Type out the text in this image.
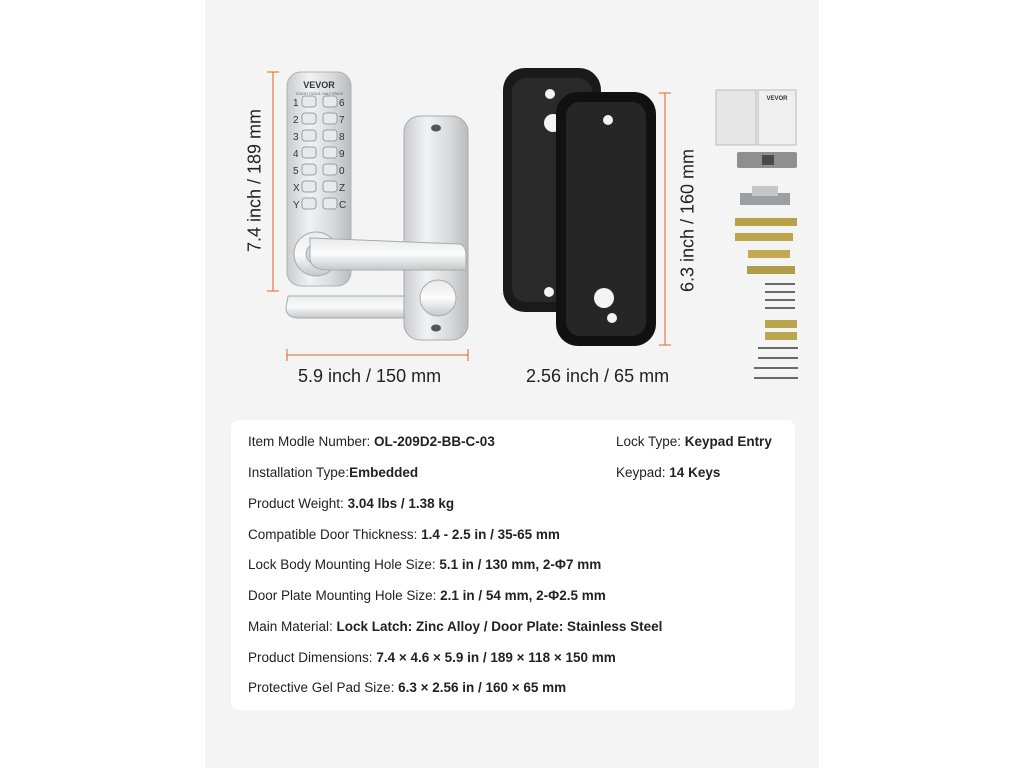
VEVOR
TOUGH TOOLS, HALF PRICE
1
2
3
4
5
X
Y
6
7
8
9
0
Z
C
VEVOR
7.4 inch / 189 mm
5.9 inch / 150 mm
6.3 inch / 160 mm
2.56 inch / 65 mm
Item Modle Number: OL-209D2-BB-C-03	Lock Type: Keypad Entry
Installation Type:Embedded	Keypad: 14 Keys
Product Weight: 3.04 lbs / 1.38 kg
Compatible Door Thickness: 1.4 - 2.5 in / 35-65 mm
Lock Body Mounting Hole Size: 5.1 in / 130 mm, 2-Φ7 mm
Door Plate Mounting Hole Size: 2.1 in / 54 mm, 2-Φ2.5 mm
Main Material: Lock Latch: Zinc Alloy / Door Plate: Stainless Steel
Product Dimensions: 7.4 × 4.6 × 5.9 in / 189 × 118 × 150 mm
Protective Gel Pad Size: 6.3 × 2.56 in / 160 × 65 mm
